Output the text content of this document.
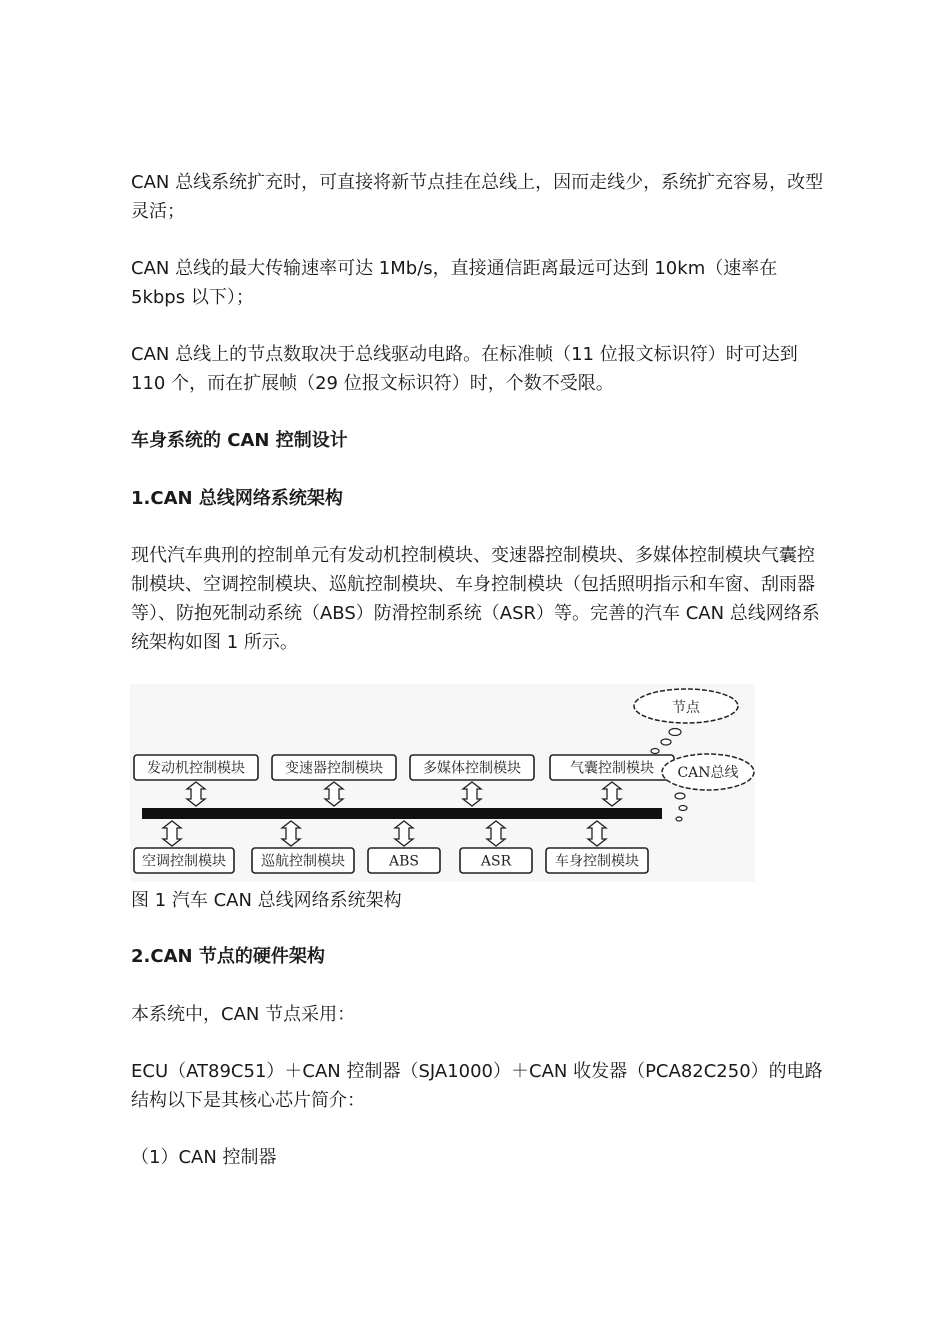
CAN 总线系统扩充时，可直接将新节点挂在总线上，因而走线少，系统扩充容易，改型灵活；

CAN 总线的最大传输速率可达 1Mb/s，直接通信距离最远可达到 10km（速率在 5kbps 以下）；

CAN 总线上的节点数取决于总线驱动电路。在标准帧（11 位报文标识符）时可达到 110 个，而在扩展帧（29 位报文标识符）时，个数不受限。

车身系统的 CAN 控制设计

1.CAN 总线网络系统架构

现代汽车典刑的控制单元有发动机控制模块、变速器控制模块、多媒体控制模块气囊控制模块、空调控制模块、巡航控制模块、车身控制模块（包括照明指示和车窗、刮雨器等）、防抱死制动系统（ABS）防滑控制系统（ASR）等。完善的汽车 CAN 总线网络系统架构如图 1 所示。

发动机控制模块	变速器控制模块	多媒体控制模块	气囊控制模块
空调控制模块	巡航控制模块	ABS	ASR	车身控制模块
节点
CAN总线

图 1 汽车 CAN 总线网络系统架构

2.CAN 节点的硬件架构

本系统中，CAN 节点采用：

ECU（AT89C51）＋CAN 控制器（SJA1000）＋CAN 收发器（PCA82C250）的电路结构以下是其核心芯片简介：

（1）CAN 控制器
